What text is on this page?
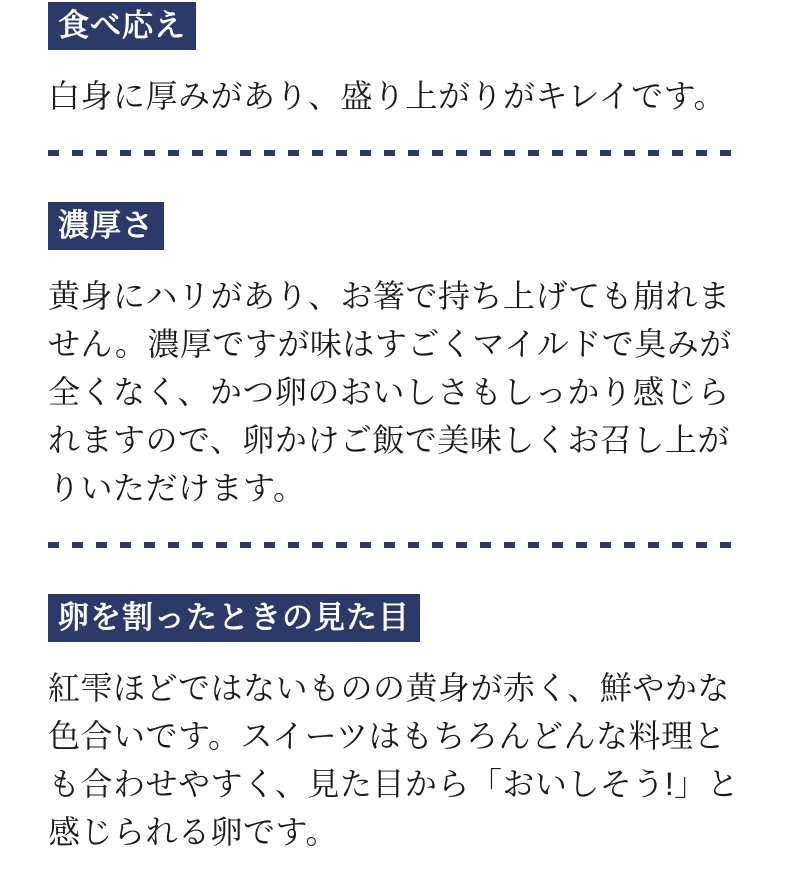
食べ応え

白身に厚みがあり、盛り上がりがキレイです。

濃厚さ

黄身にハリがあり、お箸で持ち上げても崩れません。濃厚ですが味はすごくマイルドで臭みが全くなく、かつ卵のおいしさもしっかり感じられますので、卵かけご飯で美味しくお召し上がりいただけます。

卵を割ったときの見た目

紅雫ほどではないものの黄身が赤く、鮮やかな色合いです。スイーツはもちろんどんな料理とも合わせやすく、見た目から「おいしそう!」と感じられる卵です。
